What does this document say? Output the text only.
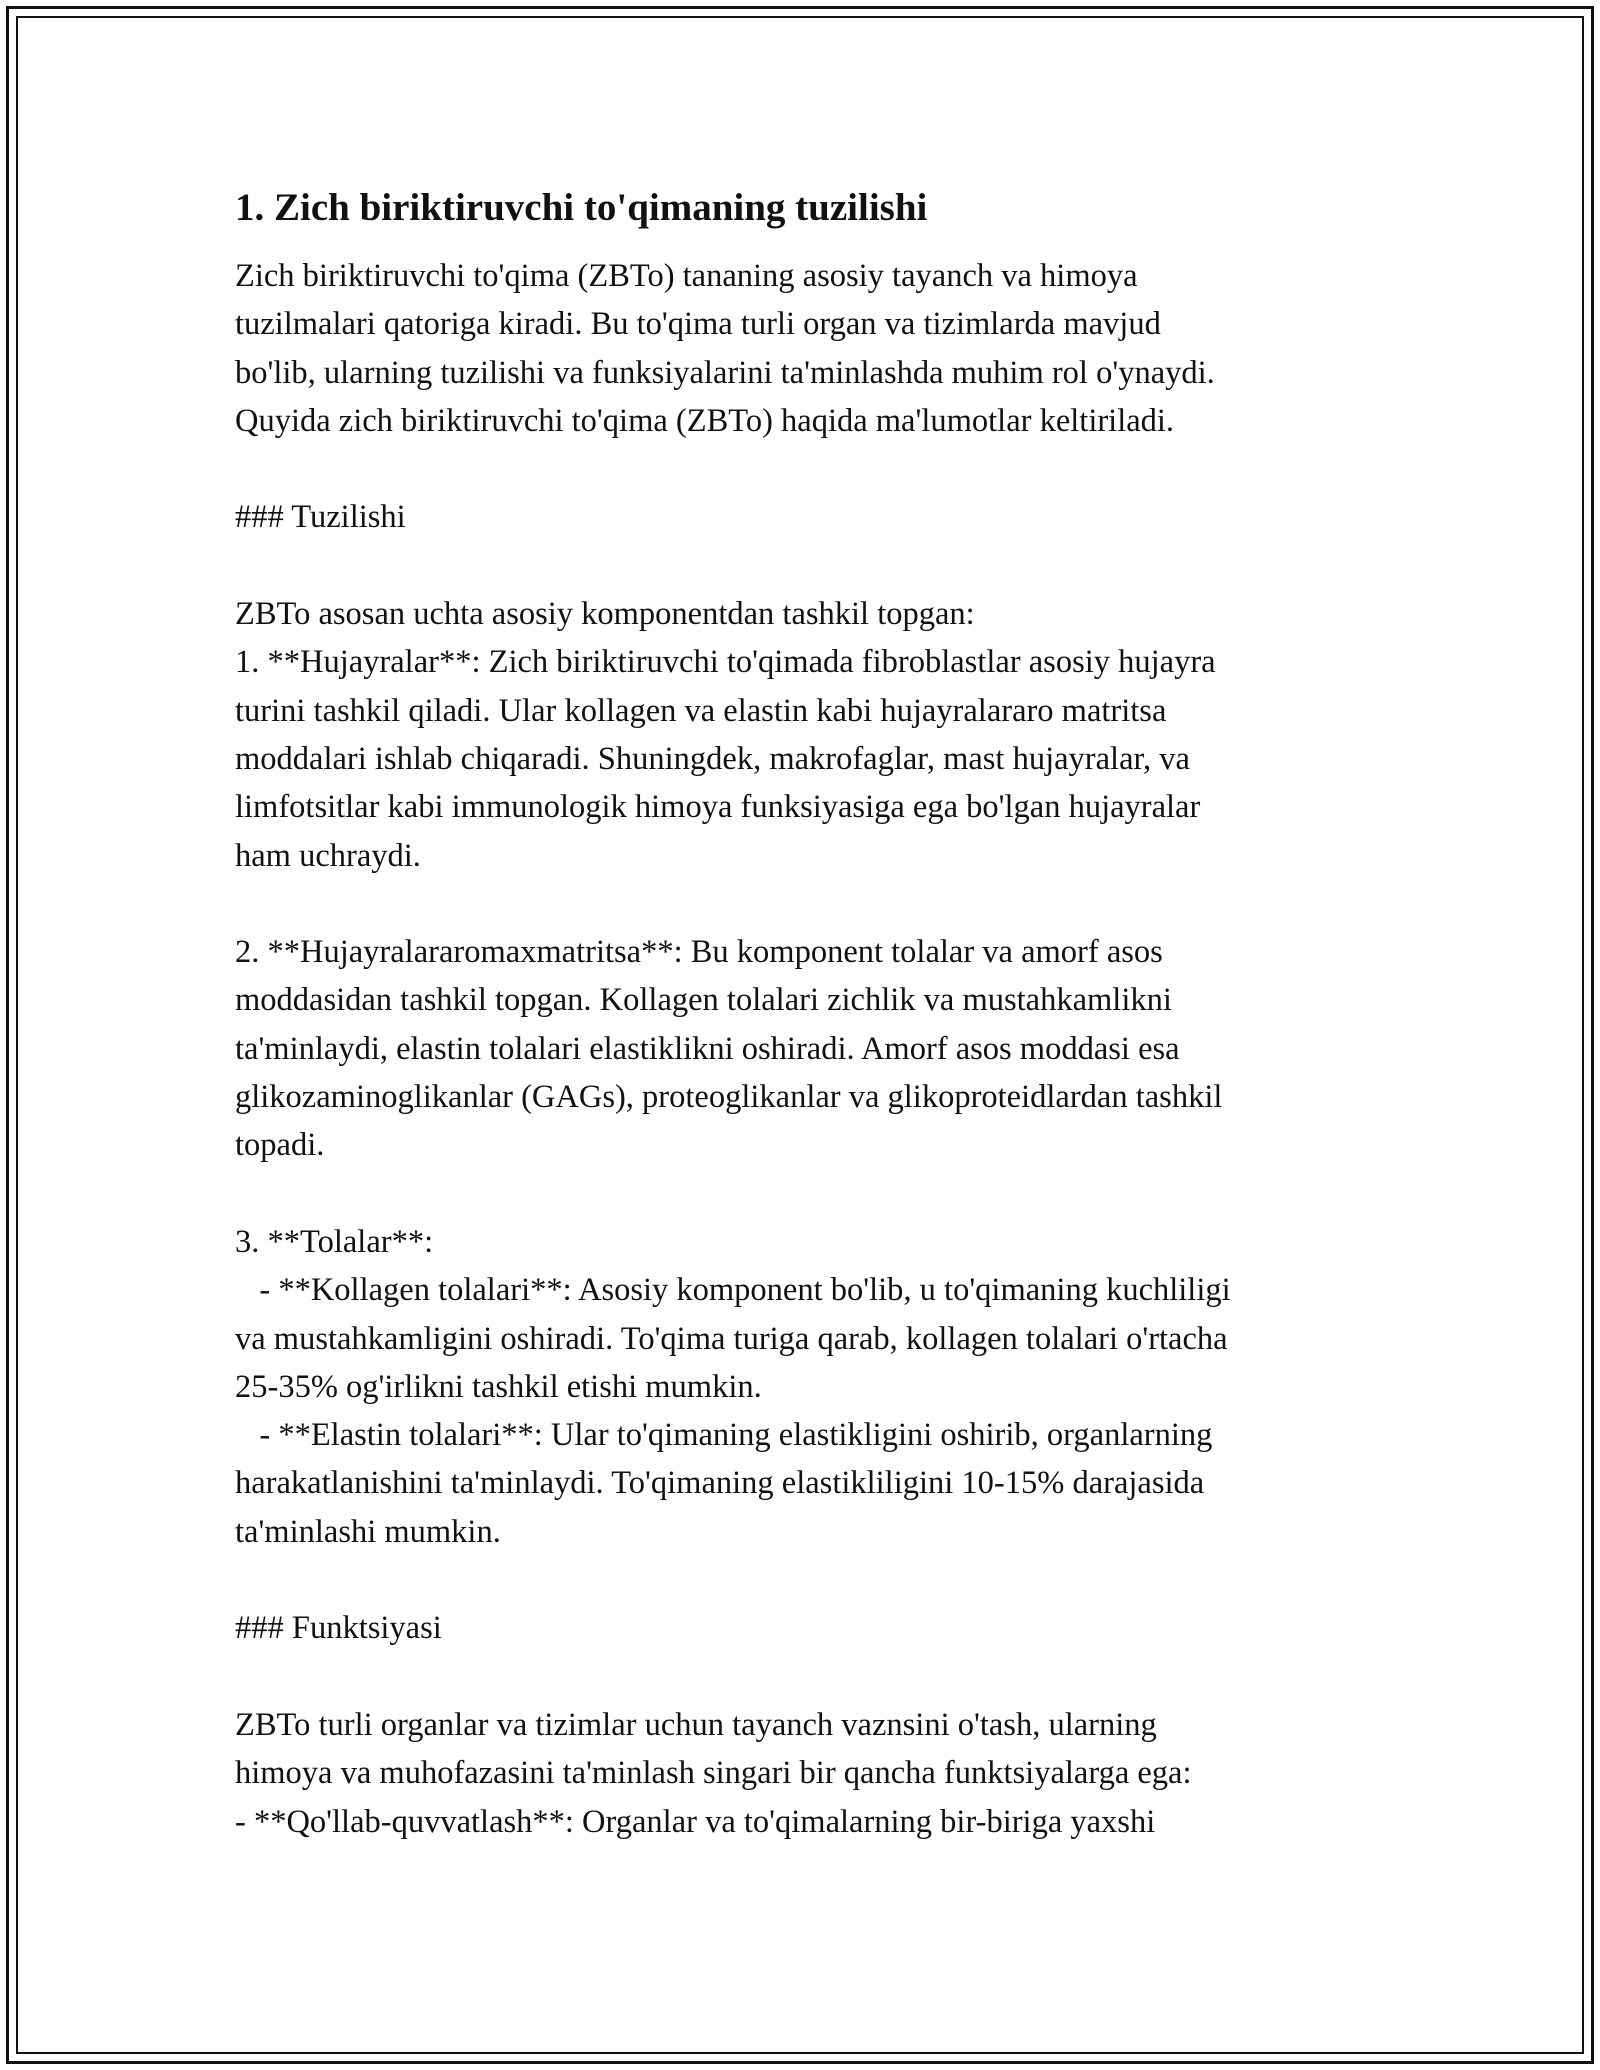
1. Zich biriktiruvchi to'qimaning tuzilishi
Zich biriktiruvchi to'qima (ZBTo) tananing asosiy tayanch va himoya
tuzilmalari qatoriga kiradi. Bu to'qima turli organ va tizimlarda mavjud
bo'lib, ularning tuzilishi va funksiyalarini ta'minlashda muhim rol o'ynaydi.
Quyida zich biriktiruvchi to'qima (ZBTo) haqida ma'lumotlar keltiriladi.
### Tuzilishi
ZBTo asosan uchta asosiy komponentdan tashkil topgan:
1. **Hujayralar**: Zich biriktiruvchi to'qimada fibroblastlar asosiy hujayra
turini tashkil qiladi. Ular kollagen va elastin kabi hujayralararo matritsa
moddalari ishlab chiqaradi. Shuningdek, makrofaglar, mast hujayralar, va
limfotsitlar kabi immunologik himoya funksiyasiga ega bo'lgan hujayralar
ham uchraydi.
2. **Hujayralararomaxmatritsa**: Bu komponent tolalar va amorf asos
moddasidan tashkil topgan. Kollagen tolalari zichlik va mustahkamlikni
ta'minlaydi, elastin tolalari elastiklikni oshiradi. Amorf asos moddasi esa
glikozaminoglikanlar (GAGs), proteoglikanlar va glikoproteidlardan tashkil
topadi.
3. **Tolalar**:
- **Kollagen tolalari**: Asosiy komponent bo'lib, u to'qimaning kuchliligi
va mustahkamligini oshiradi. To'qima turiga qarab, kollagen tolalari o'rtacha
25-35% og'irlikni tashkil etishi mumkin.
- **Elastin tolalari**: Ular to'qimaning elastikligini oshirib, organlarning
harakatlanishini ta'minlaydi. To'qimaning elastikliligini 10-15% darajasida
ta'minlashi mumkin.
### Funktsiyasi
ZBTo turli organlar va tizimlar uchun tayanch vaznsini o'tash, ularning
himoya va muhofazasini ta'minlash singari bir qancha funktsiyalarga ega:
- **Qo'llab-quvvatlash**: Organlar va to'qimalarning bir-biriga yaxshi
